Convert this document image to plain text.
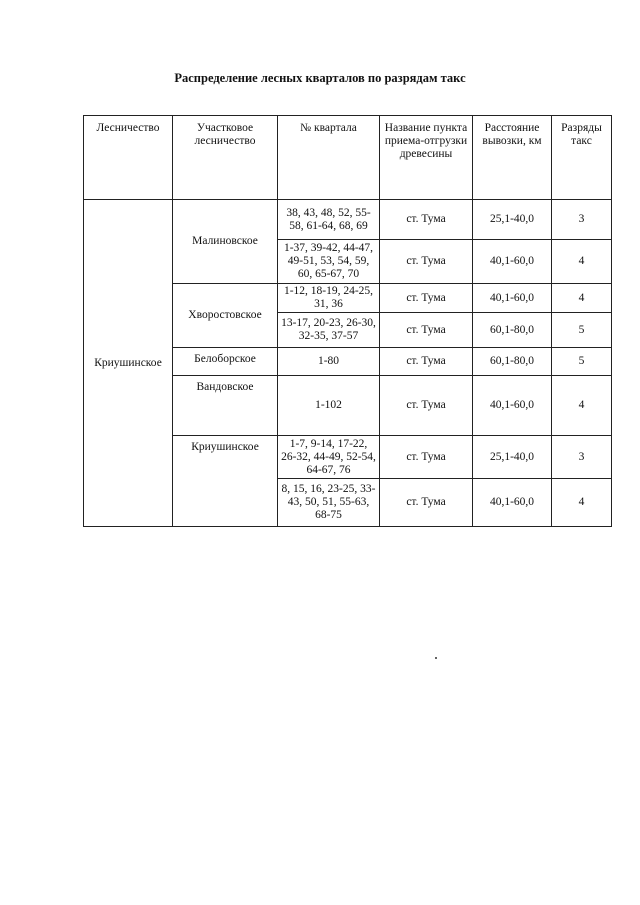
Распределение лесных кварталов по разрядам такс
Лесничество	Участковое лесничество	№ квартала	Название пункта приема-отгрузки древесины	Расстояние вывозки, км	Разряды такс
Криушинское	Малиновское	38, 43, 48, 52, 55-58, 61-64, 68, 69	ст. Тума	25,1-40,0	3
		1-37, 39-42, 44-47, 49-51, 53, 54, 59, 60, 65-67, 70	ст. Тума	40,1-60,0	4
	Хворостовское	1-12, 18-19, 24-25, 31, 36	ст. Тума	40,1-60,0	4
		13-17, 20-23, 26-30, 32-35, 37-57	ст. Тума	60,1-80,0	5
	Белоборское	1-80	ст. Тума	60,1-80,0	5
	Вандовское	1-102	ст. Тума	40,1-60,0	4
	Криушинское	1-7, 9-14, 17-22, 26-32, 44-49, 52-54, 64-67, 76	ст. Тума	25,1-40,0	3
		8, 15, 16, 23-25, 33-43, 50, 51, 55-63, 68-75	ст. Тума	40,1-60,0	4
